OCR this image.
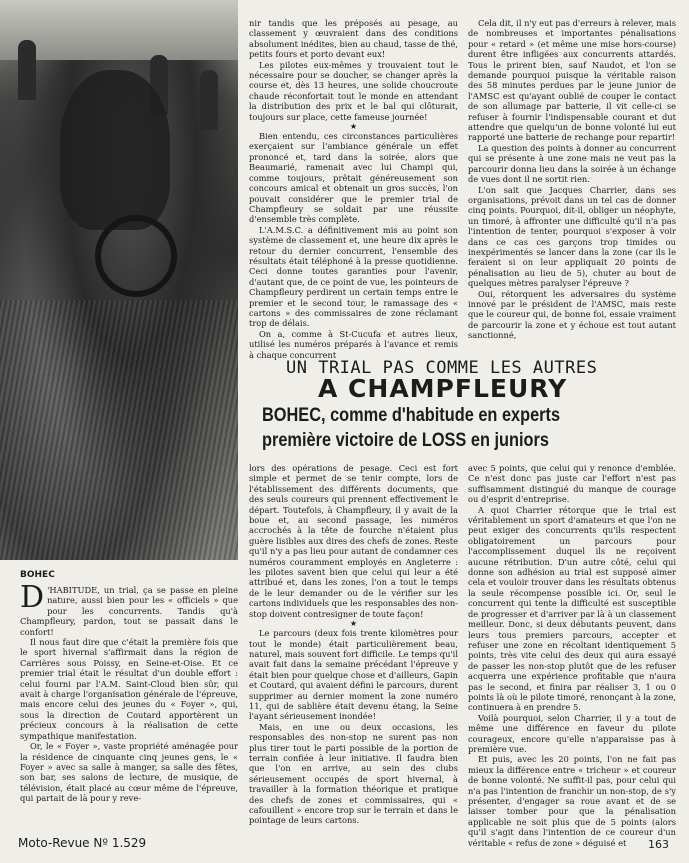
BOHEC

D 'HABITUDE, un trial, ça se passe en pleine nature, aussi bien pour les « officiels » que pour les concurrents. Tandis qu'à Champfleury, pardon, tout se passait dans le confort!

Il nous faut dire que c'était la première fois que le sport hivernal s'affirmait dans la région de Carrières sous Poissy, en Seine-et-Oise. Et ce premier trial était le résultat d'un double effort : celui fourni par l'A.M. Saint-Cloud bien sûr, qui avait à charge l'organisation générale de l'épreuve, mais encore celui des jeunes du « Foyer », qui, sous la direction de Coutard apportèrent un précieux concours à la réalisation de cette sympathique manifestation.

Or, le « Foyer », vaste propriété aménagée pour la résidence de cinquante cinq jeunes gens, le « Foyer » avec sa salle à manger, sa salle des fêtes, son bar, ses salons de lecture, de musique, de télévision, était placé au cœur même de l'épreuve, qui partait de là pour y reve-

nir tandis que les préposés au pesage, au classement y œuvraient dans des conditions absolument inédites, bien au chaud, tasse de thé, petits fours et porto devant eux!

Les pilotes eux-mêmes y trouvaient tout le nécessaire pour se doucher, se changer après la course et, dès 13 heures, une solide choucroute chaude réconfortait tout le monde en attendant la distribution des prix et le bal qui clôturait, toujours sur place, cette fameuse journée!

★

Bien entendu, ces circonstances particulières exerçaient sur l'ambiance générale un effet prononcé et, tard dans la soirée, alors que Beaumarié, ramenait avec lui Champi qui, comme toujours, prêtait généreusement son concours amical et obtenait un gros succès, l'on pouvait considérer que le premier trial de Champfleury se soldait par une réussite d'ensemble très complète.

L'A.M.S.C. a définitivement mis au point son système de classement et, une heure dix après le retour du dernier concurrent, l'ensemble des résultats était téléphoné à la presse quotidienne. Ceci donne toutes garanties pour l'avenir, d'autant que, de ce point de vue, les pointeurs de Champfleury perdirent un certain temps entre le premier et le second tour, le ramassage des « cartons » des commissaires de zone réclamant trop de délais.

On a, comme à St-Cucufa et autres lieux, utilisé les numéros préparés à l'avance et remis à chaque concurrent

Cela dit, il n'y eut pas d'erreurs à relever, mais de nombreuses et importantes pénalisations pour « retard » (et même une mise hors-course) durent être infligées aux concurrents attardés. Tous le prirent bien, sauf Naudot, et l'on se demande pourquoi puisque la véritable raison des 58 minutes perdues par le jeune junior de l'AMSC est qu'ayant oublié de couper le contact de son allumage par batterie, il vit celle-ci se refuser à fournir l'indispensable courant et dut attendre que quelqu'un de bonne volonté lui eut rapporté une batterie de rechange pour repartir!

La question des points à donner au concurrent qui se présente à une zone mais ne veut pas la parcourir donna lieu dans la soirée à un échange de vues dont il ne sortit rien.

L'on sait que Jacques Charrier, dans ses organisations, prévoit dans un tel cas de donner cinq points. Pourquoi, dit-il, obliger un néophyte, un timoré, à affronter une difficulté qu'il n'a pas l'intention de tenter, pourquoi s'exposer à voir dans ce cas ces garçons trop timides ou inexpérimentés se lancer dans la zone (car ils le feraient si on leur appliquait 20 points de pénalisation au lieu de 5), chuter au bout de quelques mètres paralyser l'épreuve ?

Oui, rétorquent les adversaires du système innové par le président de l'AMSC, mais reste que le coureur qui, de bonne foi, essaie vraiment de parcourir la zone et y échoue est tout autant sanctionné,

UN TRIAL PAS COMME LES AUTRES
A CHAMPFLEURY
BOHEC, comme d'habitude en experts
première victoire de LOSS en juniors

lors des opérations de pesage. Ceci est fort simple et permet de se tenir compte, lors de l'établissement des différents documents, que des seuls coureurs qui prennent effectivement le départ. Toutefois, à Champfleury, il y avait de la boue et, au second passage, les numéros accrochés à la tête de fourche n'étaient plus guère lisibles aux dires des chefs de zones. Reste qu'il n'y a pas lieu pour autant de condamner ces numéros couramment employés en Angleterre : les pilotes savent bien que celui qui leur a été attribué et, dans les zones, l'on a tout le temps de le leur demander ou de le vérifier sur les cartons individuels que les responsables des non-stop doivent contresigner de toute façon!

★

Le parcours (deux fois trente kilomètres pour tout le monde) était particulièrement beau, naturel, mais souvent fort difficile. Le temps qu'il avait fait dans la semaine précédant l'épreuve y était bien pour quelque chose et d'ailleurs, Gapin et Coutard, qui avaient défini le parcours, durent supprimer au dernier moment la zone numéro 11, qui de sablière était devenu étang, la Seine l'ayant sérieusement inondée!

Mais, en une ou deux occasions, les responsables des non-stop ne surent pas non plus tirer tout le parti possible de la portion de terrain confiée à leur initiative. Il faudra bien que l'on en arrive, au sein des clubs sérieusement occupés de sport hivernal, à travailler à la formation théorique et pratique des chefs de zones et commissaires, qui « cafouillent » encore trop sur le terrain et dans le pointage de leurs cartons.

avec 5 points, que celui qui y renonce d'emblée. Ce n'est donc pas juste car l'effort n'est pas suffisamment distingué du manque de courage ou d'esprit d'entreprise.

A quoi Charrier rétorque que le trial est véritablement un sport d'amateurs et que l'on ne peut exiger des concurrents qu'ils respectent obligatoirement un parcours pour l'accomplissement duquel ils ne reçoivent aucune rétribution. D'un autre côté, celui qui donne son adhésion au trial est supposé aimer cela et vouloir trouver dans les résultats obtenus la seule récompense possible ici. Or, seul le concurrent qui tente la difficulté est susceptible de progresser et d'arriver par là à un classement meilleur. Donc, si deux débutants peuvent, dans leurs tous premiers parcours, accepter et refuser une zone en récoltant identiquement 5 points, très vite celui des deux qui aura essayé de passer les non-stop plutôt que de les refuser acquerra une expérience profitable que n'aura pas le second, et finira par réaliser 3, 1 ou 0 points là où le pilote timoré, renonçant à la zone, continuera à en prendre 5.

Voilà pourquoi, selon Charrier, il y a tout de même une différence en faveur du pilote courageux, encore qu'elle n'apparaisse pas à première vue.

Et puis, avec les 20 points, l'on ne fait pas mieux la différence entre « tricheur » et coureur de bonne volonté. Ne suffit-il pas, pour celui qui n'a pas l'intention de franchir un non-stop, de s'y présenter, d'engager sa roue avant et de se laisser tomber pour que la pénalisation applicable ne soit plus que de 5 points (alors qu'il s'agit dans l'intention de ce coureur d'un véritable « refus de zone » déguisé et

Moto-Revue Nº 1.529	163
